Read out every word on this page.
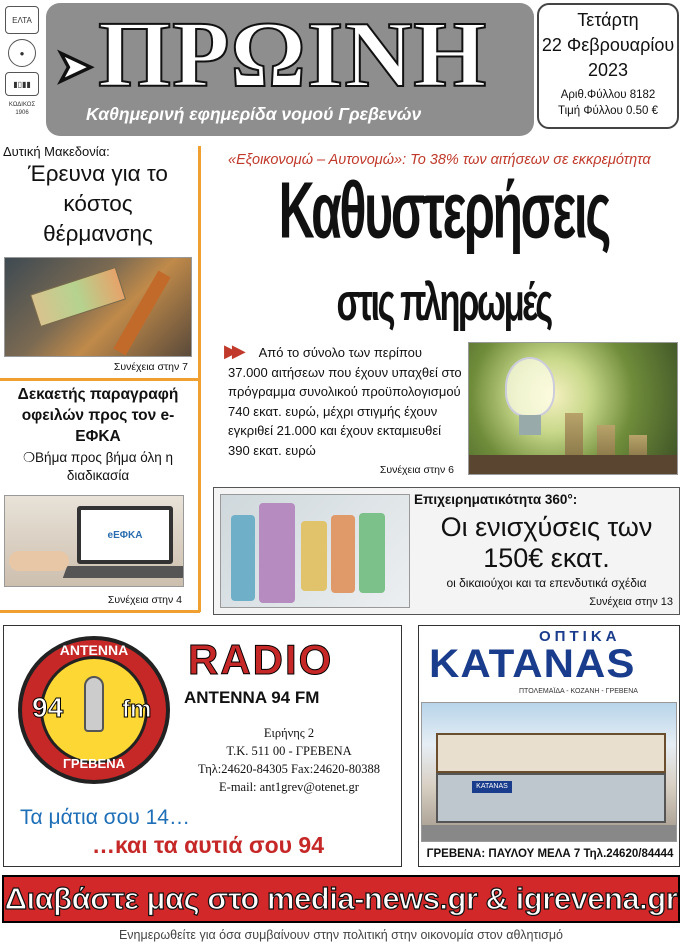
ΕΛΤΑ
●
▮▯▮▮
ΚΩΔΙΚΟΣ
1906
➤ ΠΡΩΙΝΗ
Καθημερινή εφημερίδα νομού Γρεβενών
Τετάρτη
22 Φεβρουαρίου
2023
Αριθ.Φύλλου 8182
Τιμή Φύλλου 0.50 €
Δυτική Μακεδονία:
Έρευνα για το κόστος θέρμανσης
Συνέχεια στην 7
Δεκαετής παραγραφή οφειλών προς τον e-ΕΦΚΑ
❍Βήμα προς βήμα όλη η διαδικασία
eΕΦΚΑ
Συνέχεια στην 4
«Εξοικονομώ – Αυτονομώ»: Το 38% των αιτήσεων σε εκκρεμότητα
Καθυστερήσεις
στις πληρωμές
▶▶ Από το σύνολο των περίπου
37.000 αιτήσεων που έχουν υπαχθεί στο πρόγραμμα συνολικού προϋπολογισμού 740 εκατ. ευρώ, μέχρι στιγμής έχουν εγκριθεί 21.000 και έχουν εκταμιευθεί 390 εκατ. ευρώ
Συνέχεια στην 6
Επιχειρηματικότητα 360°:
Οι ενισχύσεις των 150€ εκατ.
οι δικαιούχοι και τα επενδυτικά σχέδια
Συνέχεια στην 13
ΑΝΤΕΝΝΑ
94 fm
ΓΡΕΒΕΝΑ
RADIO
ANTENNA 94 FM
Ειρήνης 2
Τ.Κ. 511 00 - ΓΡΕΒΕΝΑ
Τηλ:24620-84305 Fax:24620-80388
E-mail: ant1grev@otenet.gr
Τα μάτια σου 14…
…και τα αυτιά σου 94
ΟΠΤΙΚΑ
KATANAS
ΠΤΟΛΕΜΑΪΔΑ - ΚΟΖΑΝΗ - ΓΡΕΒΕΝΑ
KATANAS
ΓΡΕΒΕΝΑ: ΠΑΥΛΟΥ ΜΕΛΑ 7 Τηλ.24620/84444
Διαβάστε μας στο media-news.gr & igrevena.gr
Ενημερωθείτε για όσα συμβαίνουν στην πολιτική στην οικονομία στον αθλητισμό
